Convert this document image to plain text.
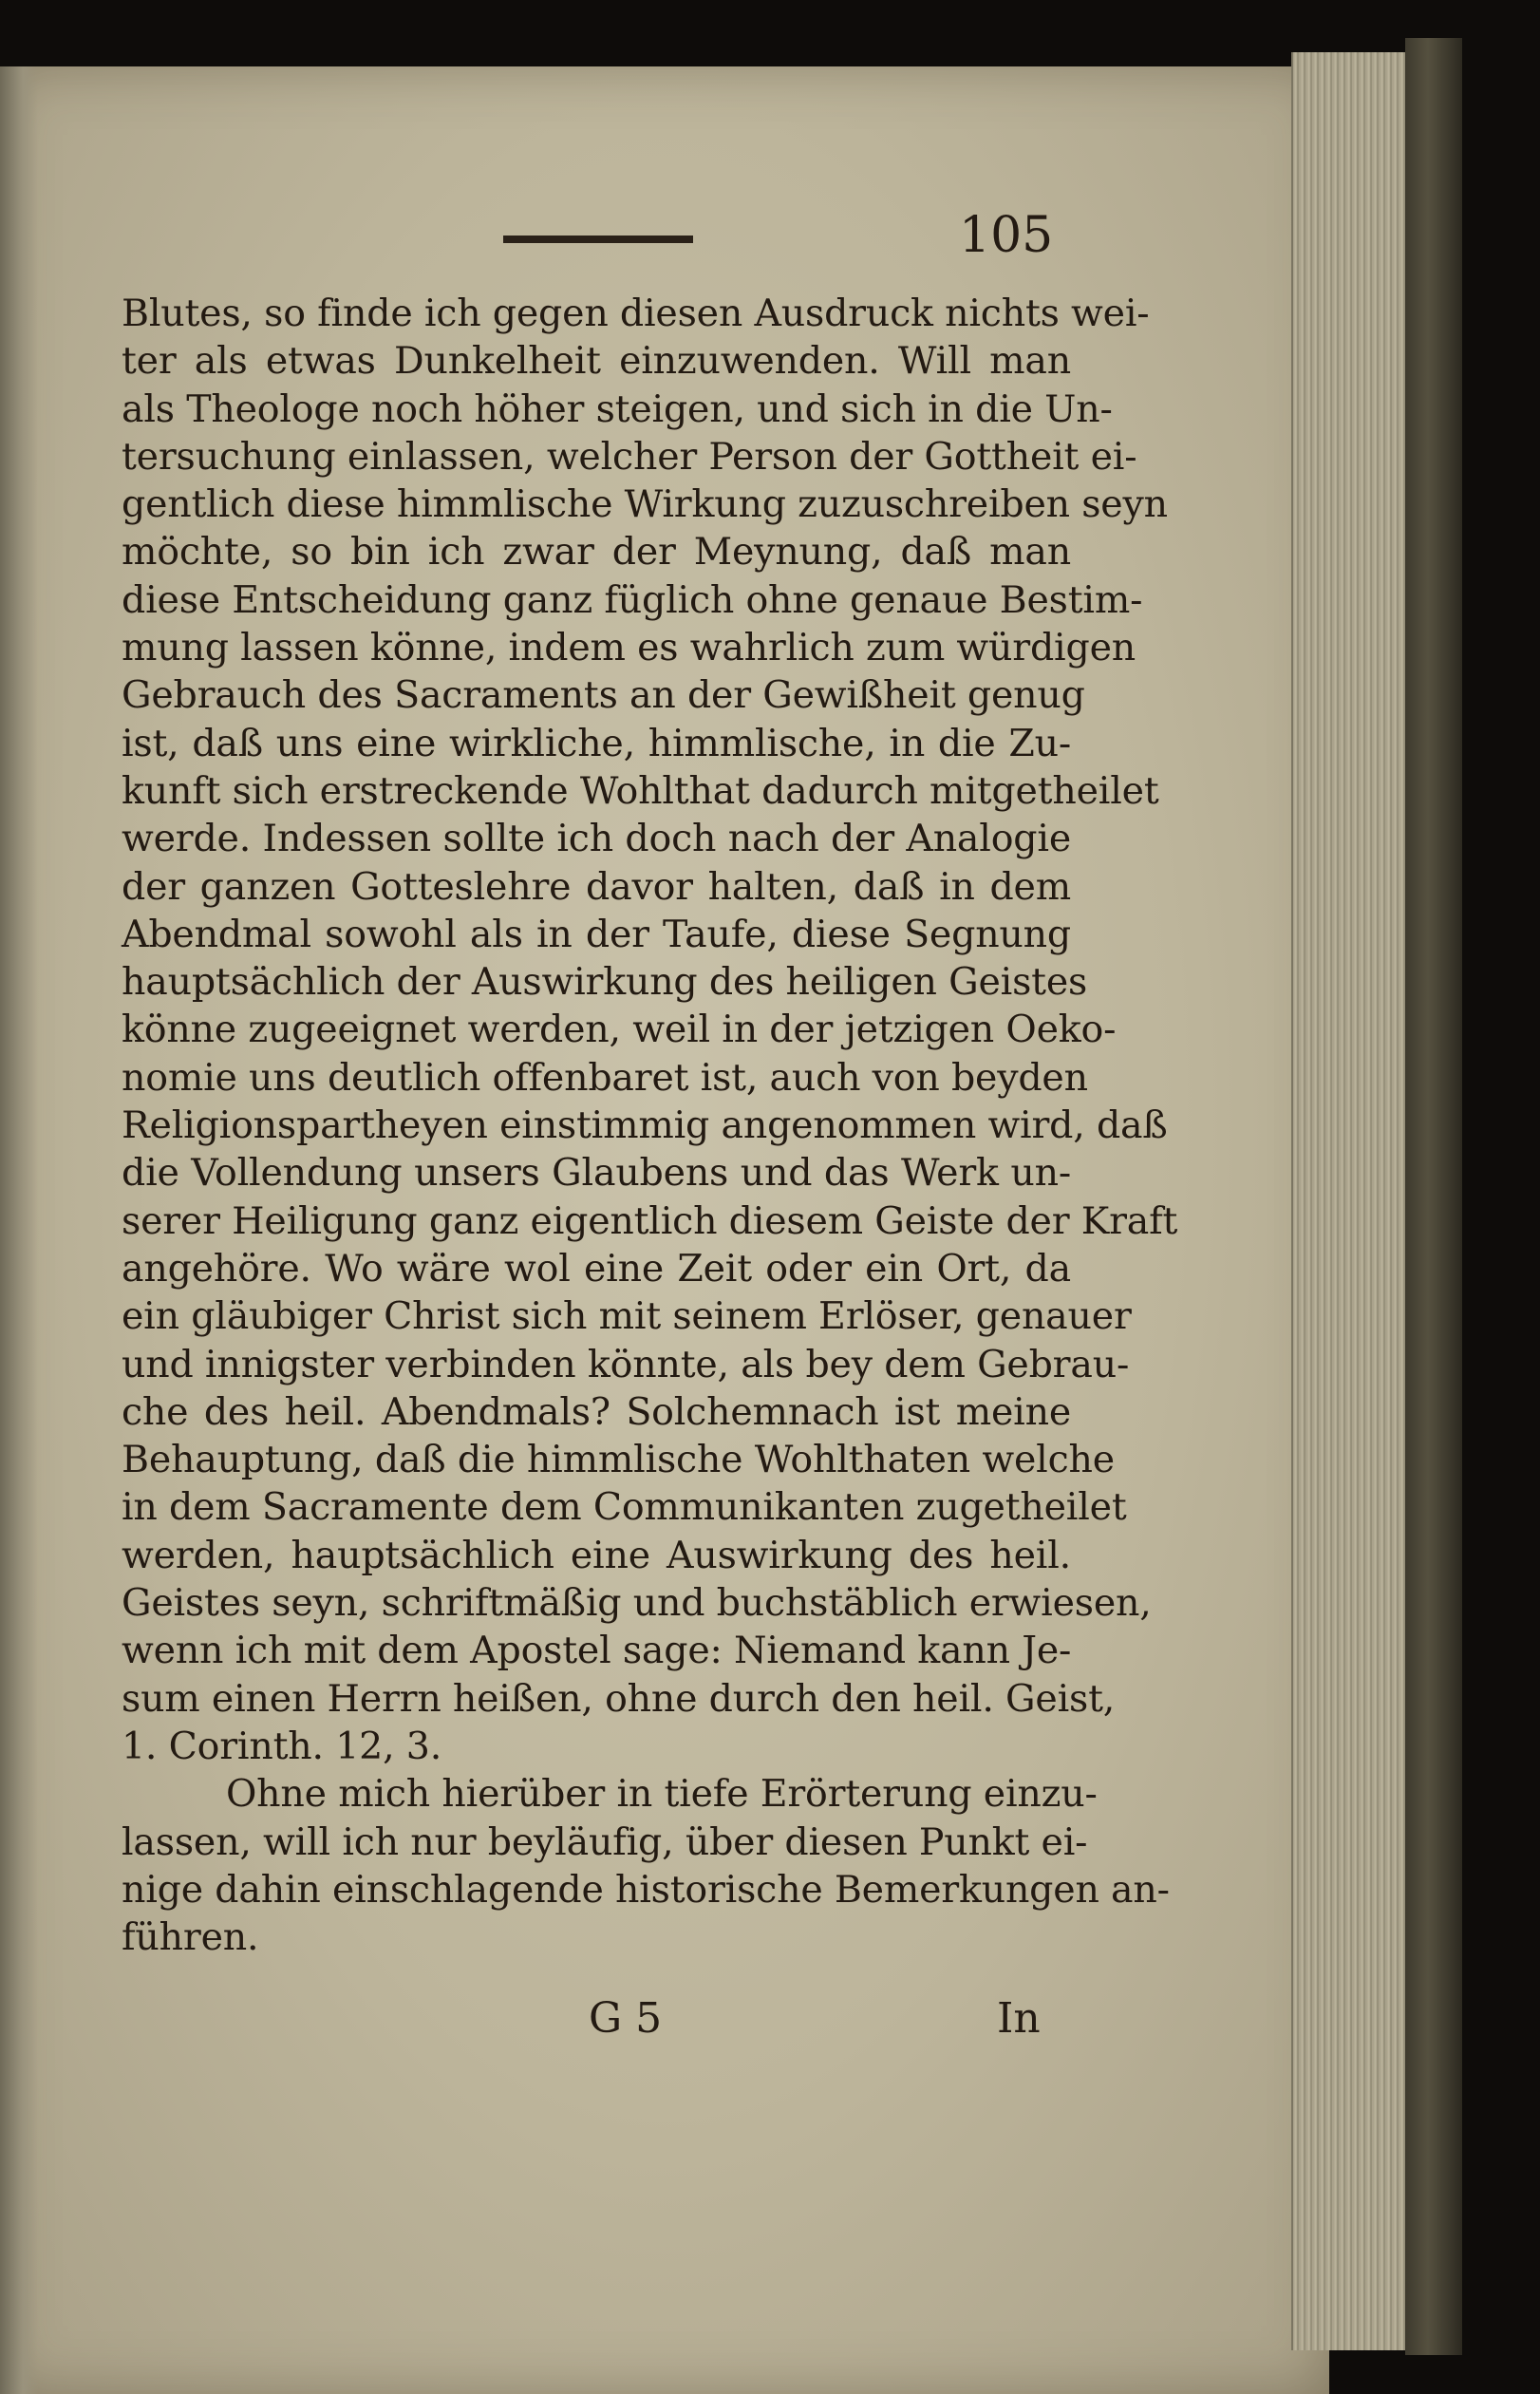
105
Blutes, so finde ich gegen diesen Ausdruck nichts wei-
ter als etwas Dunkelheit einzuwenden. Will man
als Theologe noch höher steigen, und sich in die Un-
tersuchung einlassen, welcher Person der Gottheit ei-
gentlich diese himmlische Wirkung zuzuschreiben seyn
möchte, so bin ich zwar der Meynung, daß man
diese Entscheidung ganz füglich ohne genaue Bestim-
mung lassen könne, indem es wahrlich zum würdigen
Gebrauch des Sacraments an der Gewißheit genug
ist, daß uns eine wirkliche, himmlische, in die Zu-
kunft sich erstreckende Wohlthat dadurch mitgetheilet
werde. Indessen sollte ich doch nach der Analogie
der ganzen Gotteslehre davor halten, daß in dem
Abendmal sowohl als in der Taufe, diese Segnung
hauptsächlich der Auswirkung des heiligen Geistes
könne zugeeignet werden, weil in der jetzigen Oeko-
nomie uns deutlich offenbaret ist, auch von beyden
Religionspartheyen einstimmig angenommen wird, daß
die Vollendung unsers Glaubens und das Werk un-
serer Heiligung ganz eigentlich diesem Geiste der Kraft
angehöre. Wo wäre wol eine Zeit oder ein Ort, da
ein gläubiger Christ sich mit seinem Erlöser, genauer
und innigster verbinden könnte, als bey dem Gebrau-
che des heil. Abendmals? Solchemnach ist meine
Behauptung, daß die himmlische Wohlthaten welche
in dem Sacramente dem Communikanten zugetheilet
werden, hauptsächlich eine Auswirkung des heil.
Geistes seyn, schriftmäßig und buchstäblich erwiesen,
wenn ich mit dem Apostel sage: Niemand kann Je-
sum einen Herrn heißen, ohne durch den heil. Geist,
1. Corinth. 12, 3.
Ohne mich hierüber in tiefe Erörterung einzu-
lassen, will ich nur beyläufig, über diesen Punkt ei-
nige dahin einschlagende historische Bemerkungen an-
führen.
G 5	In
